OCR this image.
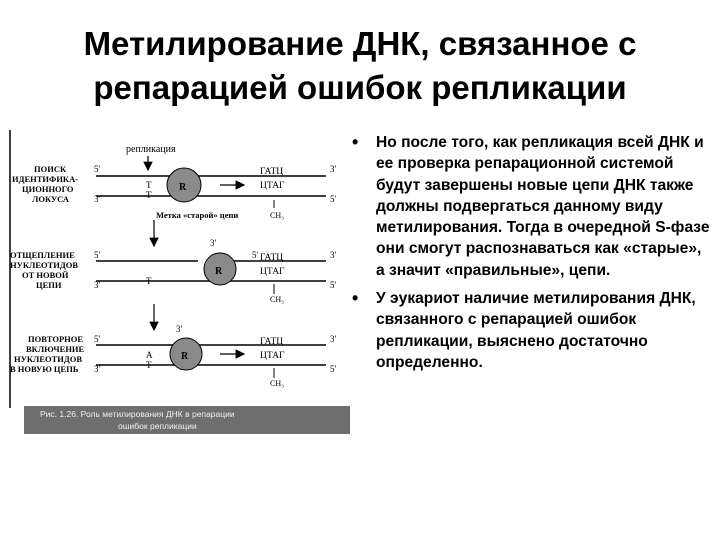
Метилирование ДНК, связанное с
репарацией ошибок репликации
репликация
ПОИСК
ИДЕНТИФИКА-
ЦИОННОГО
ЛОКУСА
5'
3'
3'
5'
T
T
R
ГАТЦ
ЦТАГ
CH₃
Метка «старой» цепи
ОТЩЕПЛЕНИЕ
НУКЛЕОТИДОВ
ОТ НОВОЙ
ЦЕПИ
3'
5'
3'
3'
5'
T
5'
R
ГАТЦ
ЦТАГ
CH₃
ПОВТОРНОЕ
ВКЛЮЧЕНИЕ
НУКЛЕОТИДОВ
В НОВУЮ ЦЕПЬ
3'
5'
3'
3'
5'
A
T
R
ГАТЦ
ЦТАГ
CH₃
Рис. 1.26. Роль метилирования ДНК в репарации
ошибок репликации
• Но после того, как репликация всей ДНК и ее проверка репарационной системой будут завершены новые цепи ДНК также должны подвергаться данному виду метилирования. Тогда в очередной S-фазе они смогут распознаваться как «старые», а значит «правильные», цепи.
• У эукариот наличие метилирования ДНК, связанного с репарацией ошибок репликации, выяснено достаточно определенно.
